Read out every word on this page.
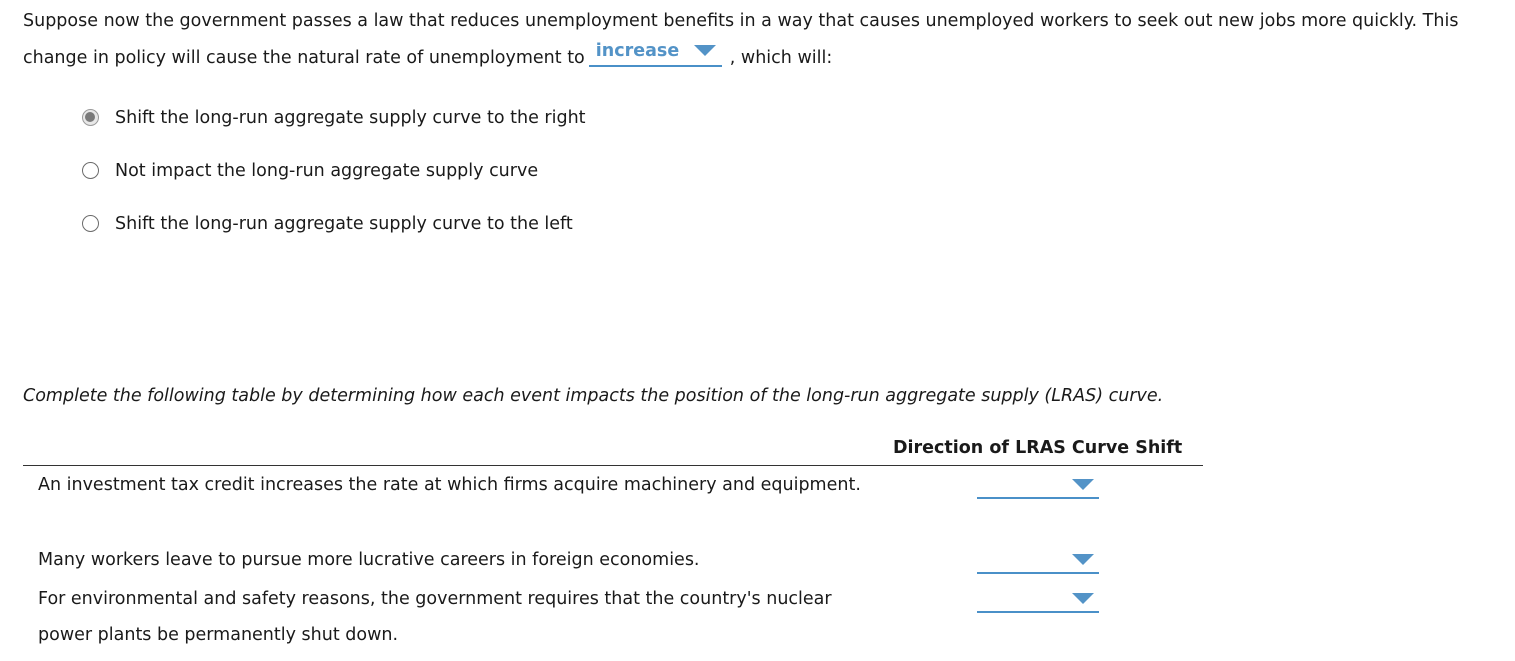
Suppose now the government passes a law that reduces unemployment benefits in a way that causes unemployed workers to seek out new jobs more quickly. This change in policy will cause the natural rate of unemployment to increase	, which will:

Shift the long-run aggregate supply curve to the right
Not impact the long-run aggregate supply curve
Shift the long-run aggregate supply curve to the left

Complete the following table by determining how each event impacts the position of the long-run aggregate supply (LRAS) curve.

Direction of LRAS Curve Shift

An investment tax credit increases the rate at which firms acquire machinery and equipment.

Many workers leave to pursue more lucrative careers in foreign economies.

For environmental and safety reasons, the government requires that the country's nuclear power plants be permanently shut down.
